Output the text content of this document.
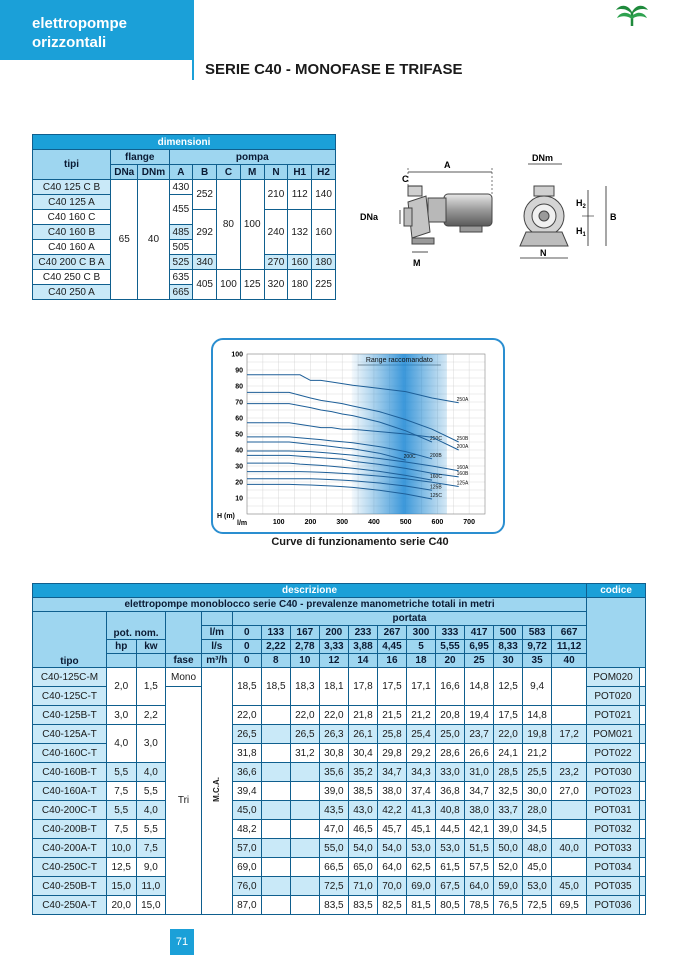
elettropompe
orizzontali
SERIE C40 - MONOFASE E TRIFASE
dimensioni									
tipi	flange		pompa						
	DNa	DNm	A	B	C	M	N	H1	H2
C40 125 C B	65	40	430	252	80	100	210	112	140
C40 125 A			455						
C40 160 C				292			240	132	160
C40 160 B			485						
C40 160 A			505						
C40 200 C B A			525	340			270	160	180
C40 250 C B			635	405	100	125	320	180	225
C40 250 A			665						
A
C
DNa
M
DNm
N
$H_2$
$H_1$
B
Range raccomandato
250A
250B
250C
200A
200B
200C
160A
160B
160C
125A
125B
125C
100	200	300	400	500	600	700
10
20
30
40
50
60
70
80
90
100
H (m)
l/m
Curve di funzionamento serie C40
descrizione																	codice	
elettropompe monoblocco serie C40 - prevalenze manometriche totali in metri																		
tipo	pot. nom.				portata													
				l/m	0	133	167	200	233	267	300	333	417	500	583	667		
	hp	kw		l/s	0	2,22	2,78	3,33	3,88	4,45	5	5,55	6,95	8,33	9,72	11,12		
			fase	m³/h	0	8	10	12	14	16	18	20	25	30	35	40		
C40-125C-M	2,0	1,5	Mono	M.C.A.	18,5	18,5	18,3	18,1	17,8	17,5	17,1	16,6	14,8	12,5	9,4		POM020	
C40-125C-T			Tri														POT020	
C40-125B-T	3,0	2,2			22,0		22,0	22,0	21,8	21,5	21,2	20,8	19,4	17,5	14,8		POT021	
C40-125A-T	4,0	3,0			26,5		26,5	26,3	26,1	25,8	25,4	25,0	23,7	22,0	19,8	17,2	POM021	
C40-160C-T					31,8		31,2	30,8	30,4	29,8	29,2	28,6	26,6	24,1	21,2		POT022	
C40-160B-T	5,5	4,0			36,6			35,6	35,2	34,7	34,3	33,0	31,0	28,5	25,5	23,2	POT030	
C40-160A-T	7,5	5,5			39,4			39,0	38,5	38,0	37,4	36,8	34,7	32,5	30,0	27,0	POT023	
C40-200C-T	5,5	4,0			45,0			43,5	43,0	42,2	41,3	40,8	38,0	33,7	28,0		POT031	
C40-200B-T	7,5	5,5			48,2			47,0	46,5	45,7	45,1	44,5	42,1	39,0	34,5		POT032	
C40-200A-T	10,0	7,5			57,0			55,0	54,0	54,0	53,0	53,0	51,5	50,0	48,0	40,0	POT033	
C40-250C-T	12,5	9,0			69,0			66,5	65,0	64,0	62,5	61,5	57,5	52,0	45,0		POT034	
C40-250B-T	15,0	11,0			76,0			72,5	71,0	70,0	69,0	67,5	64,0	59,0	53,0	45,0	POT035	
C40-250A-T	20,0	15,0			87,0			83,5	83,5	82,5	81,5	80,5	78,5	76,5	72,5	69,5	POT036	
71
